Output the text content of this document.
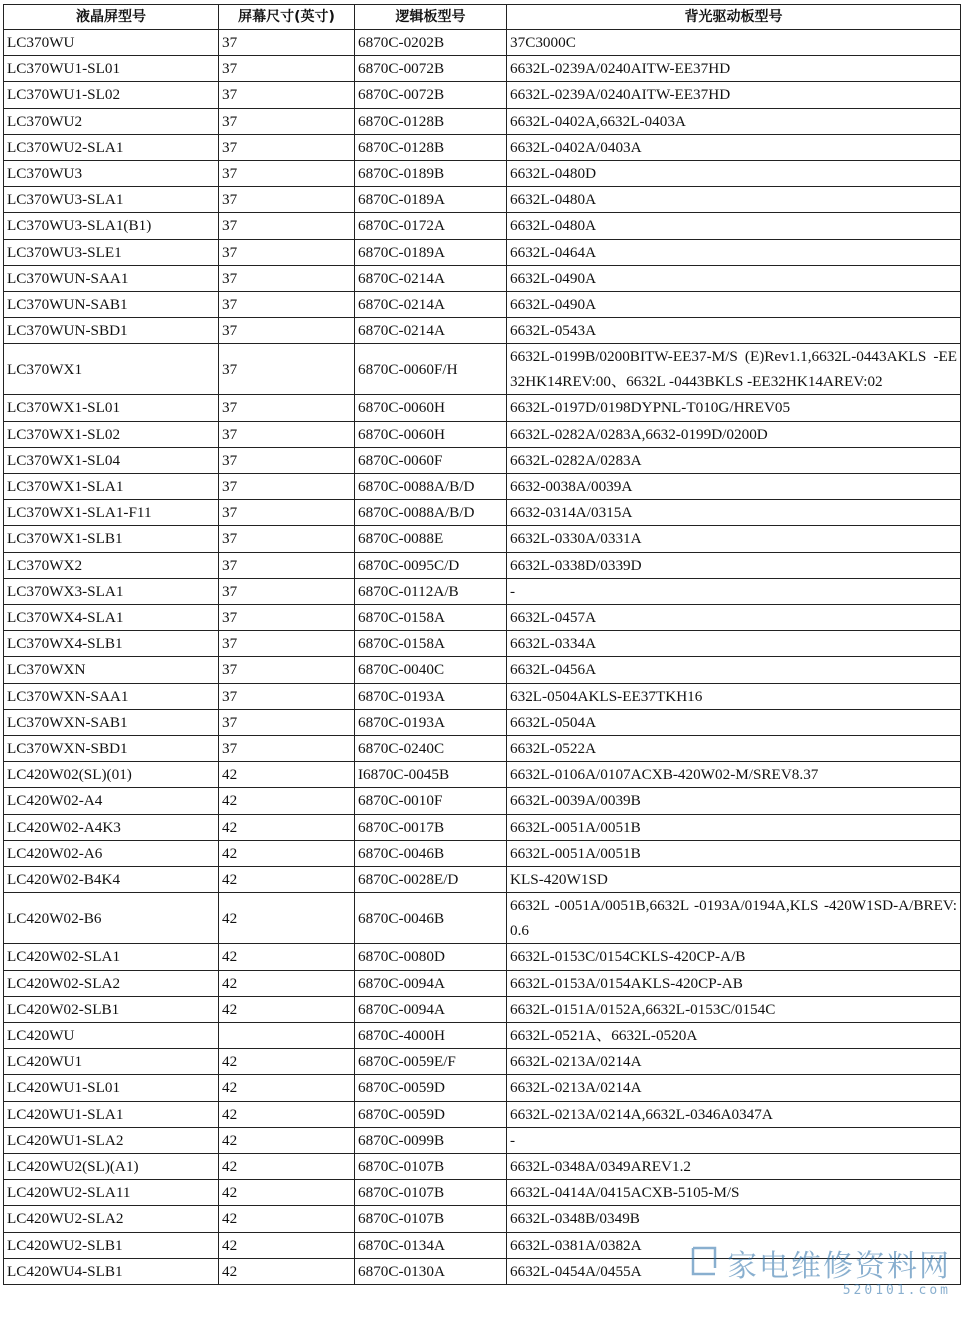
液晶屏型号	屏幕尺寸(英寸)	逻辑板型号	背光驱动板型号
LC370WU	37	6870C-0202B	37C3000C
LC370WU1-SL01	37	6870C-0072B	6632L-0239A/0240AITW-EE37HD
LC370WU1-SL02	37	6870C-0072B	6632L-0239A/0240AITW-EE37HD
LC370WU2	37	6870C-0128B	6632L-0402A,6632L-0403A
LC370WU2-SLA1	37	6870C-0128B	6632L-0402A/0403A
LC370WU3	37	6870C-0189B	6632L-0480D
LC370WU3-SLA1	37	6870C-0189A	6632L-0480A
LC370WU3-SLA1(B1)	37	6870C-0172A	6632L-0480A
LC370WU3-SLE1	37	6870C-0189A	6632L-0464A
LC370WUN-SAA1	37	6870C-0214A	6632L-0490A
LC370WUN-SAB1	37	6870C-0214A	6632L-0490A
LC370WUN-SBD1	37	6870C-0214A	6632L-0543A
LC370WX1	37	6870C-0060F/H	6632L-0199B/0200BITW-EE37-M/S (E)Rev1.1,6632L-0443AKLS -EE32HK14REV:00、6632L -0443BKLS -EE32HK14AREV:02
LC370WX1-SL01	37	6870C-0060H	6632L-0197D/0198DYPNL-T010G/HREV05
LC370WX1-SL02	37	6870C-0060H	6632L-0282A/0283A,6632-0199D/0200D
LC370WX1-SL04	37	6870C-0060F	6632L-0282A/0283A
LC370WX1-SLA1	37	6870C-0088A/B/D	6632-0038A/0039A
LC370WX1-SLA1-F11	37	6870C-0088A/B/D	6632-0314A/0315A
LC370WX1-SLB1	37	6870C-0088E	6632L-0330A/0331A
LC370WX2	37	6870C-0095C/D	6632L-0338D/0339D
LC370WX3-SLA1	37	6870C-0112A/B	-
LC370WX4-SLA1	37	6870C-0158A	6632L-0457A
LC370WX4-SLB1	37	6870C-0158A	6632L-0334A
LC370WXN	37	6870C-0040C	6632L-0456A
LC370WXN-SAA1	37	6870C-0193A	632L-0504AKLS-EE37TKH16
LC370WXN-SAB1	37	6870C-0193A	6632L-0504A
LC370WXN-SBD1	37	6870C-0240C	6632L-0522A
LC420W02(SL)(01)	42	I6870C-0045B	6632L-0106A/0107ACXB-420W02-M/SREV8.37
LC420W02-A4	42	6870C-0010F	6632L-0039A/0039B
LC420W02-A4K3	42	6870C-0017B	6632L-0051A/0051B
LC420W02-A6	42	6870C-0046B	6632L-0051A/0051B
LC420W02-B4K4	42	6870C-0028E/D	KLS-420W1SD
LC420W02-B6	42	6870C-0046B	6632L -0051A/0051B,6632L -0193A/0194A,KLS -420W1SD-A/BREV:0.6
LC420W02-SLA1	42	6870C-0080D	6632L-0153C/0154CKLS-420CP-A/B
LC420W02-SLA2	42	6870C-0094A	6632L-0153A/0154AKLS-420CP-AB
LC420W02-SLB1	42	6870C-0094A	6632L-0151A/0152A,6632L-0153C/0154C
LC420WU		6870C-4000H	6632L-0521A、6632L-0520A
LC420WU1	42	6870C-0059E/F	6632L-0213A/0214A
LC420WU1-SL01	42	6870C-0059D	6632L-0213A/0214A
LC420WU1-SLA1	42	6870C-0059D	6632L-0213A/0214A,6632L-0346A0347A
LC420WU1-SLA2	42	6870C-0099B	-
LC420WU2(SL)(A1)	42	6870C-0107B	6632L-0348A/0349AREV1.2
LC420WU2-SLA11	42	6870C-0107B	6632L-0414A/0415ACXB-5105-M/S
LC420WU2-SLA2	42	6870C-0107B	6632L-0348B/0349B
LC420WU2-SLB1	42	6870C-0134A	6632L-0381A/0382A
LC420WU4-SLB1	42	6870C-0130A	6632L-0454A/0455A	家电维修资料网
520101.com
